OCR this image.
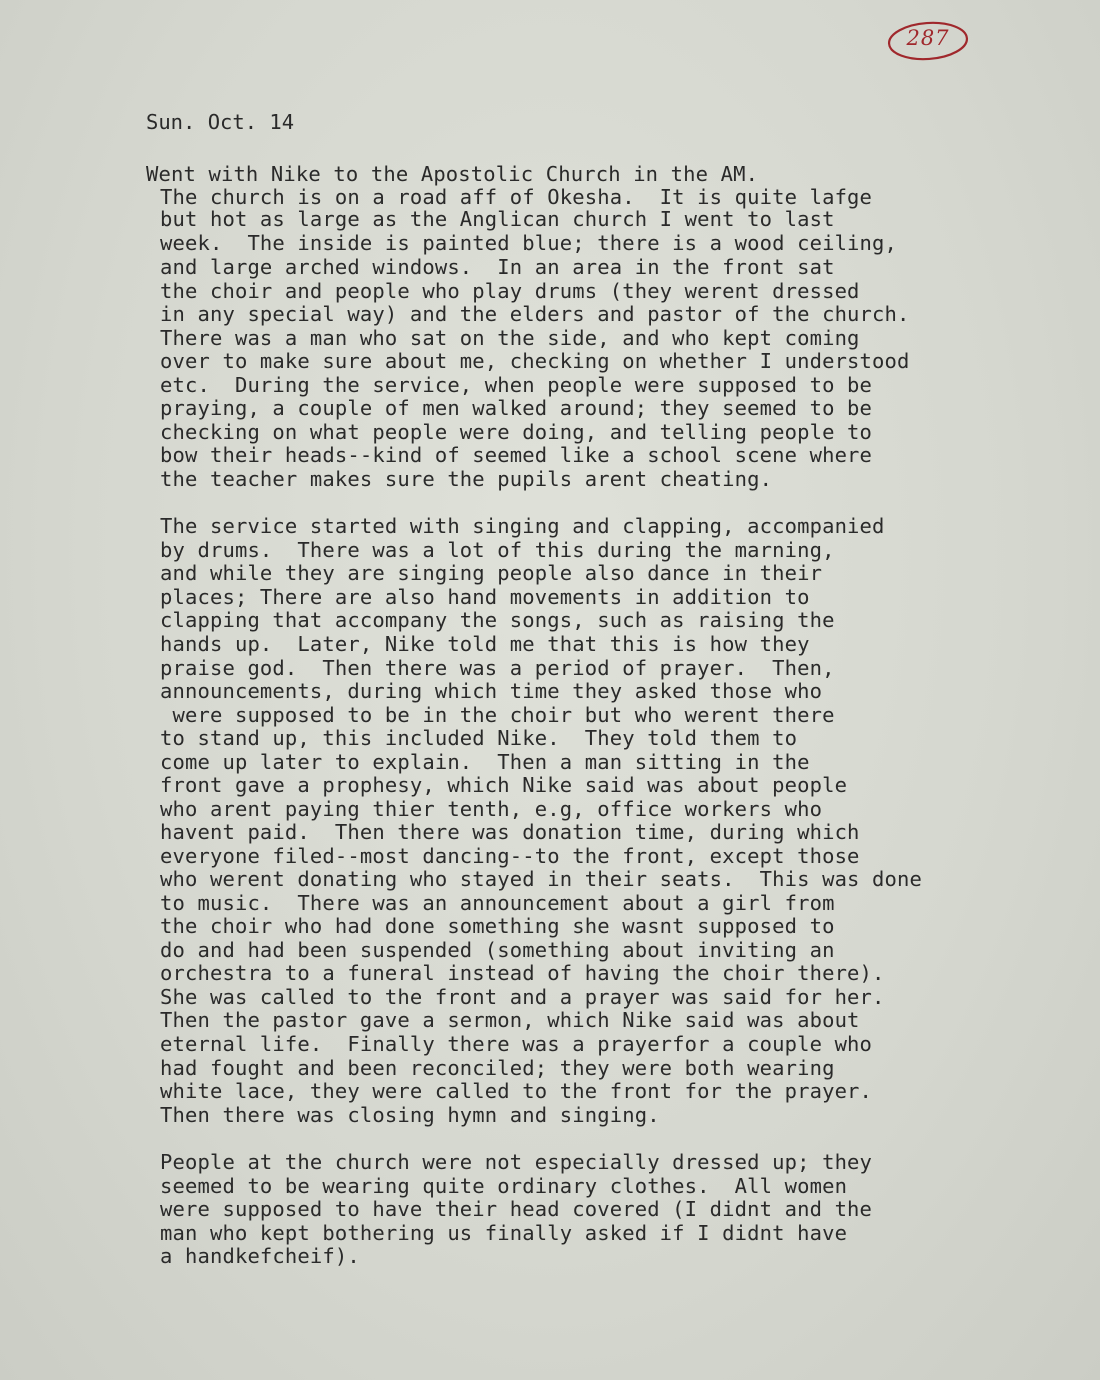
287
Sun. Oct. 14
Went with Nike to the Apostolic Church in the AM.
The church is on a road aff of Okesha.  It is quite lafge
but hot as large as the Anglican church I went to last
week.  The inside is painted blue; there is a wood ceiling,
and large arched windows.  In an area in the front sat
the choir and people who play drums (they werent dressed
in any special way) and the elders and pastor of the church.
There was a man who sat on the side, and who kept coming
over to make sure about me, checking on whether I understood
etc.  During the service, when people were supposed to be
praying, a couple of men walked around; they seemed to be
checking on what people were doing, and telling people to
bow their heads--kind of seemed like a school scene where
the teacher makes sure the pupils arent cheating.
The service started with singing and clapping, accompanied
by drums.  There was a lot of this during the marning,
and while they are singing people also dance in their
places; There are also hand movements in addition to
clapping that accompany the songs, such as raising the
hands up.  Later, Nike told me that this is how they
praise god.  Then there was a period of prayer.  Then,
announcements, during which time they asked those who
were supposed to be in the choir but who werent there
to stand up, this included Nike.  They told them to
come up later to explain.  Then a man sitting in the
front gave a prophesy, which Nike said was about people
who arent paying thier tenth, e.g, office workers who
havent paid.  Then there was donation time, during which
everyone filed--most dancing--to the front, except those
who werent donating who stayed in their seats.  This was done
to music.  There was an announcement about a girl from
the choir who had done something she wasnt supposed to
do and had been suspended (something about inviting an
orchestra to a funeral instead of having the choir there).
She was called to the front and a prayer was said for her.
Then the pastor gave a sermon, which Nike said was about
eternal life.  Finally there was a prayerfor a couple who
had fought and been reconciled; they were both wearing
white lace, they were called to the front for the prayer.
Then there was closing hymn and singing.
People at the church were not especially dressed up; they
seemed to be wearing quite ordinary clothes.  All women
were supposed to have their head covered (I didnt and the
man who kept bothering us finally asked if I didnt have
a handkefcheif).
